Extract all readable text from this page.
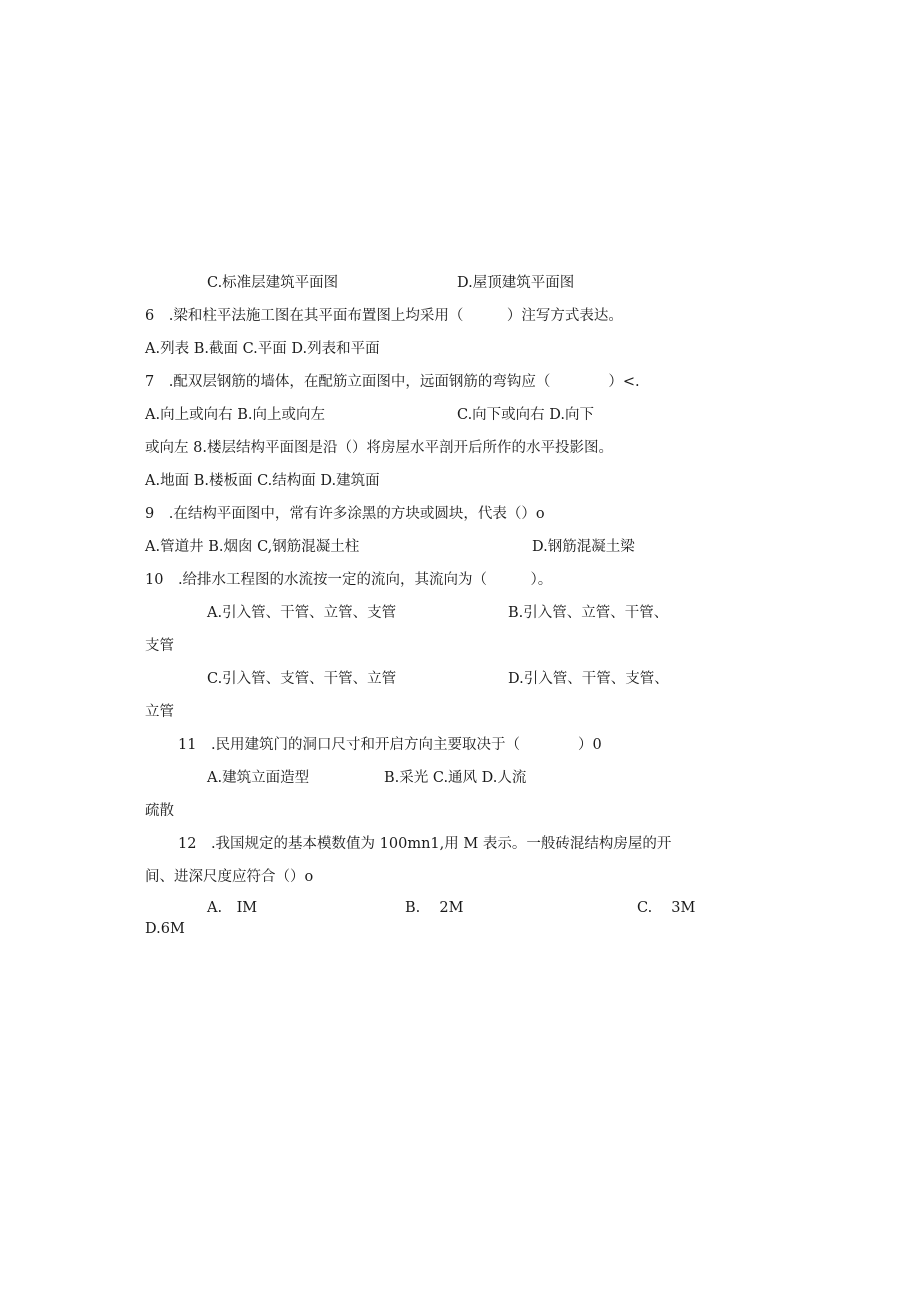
C.标准层建筑平面图	D.屋顶建筑平面图
6　.梁和柱平法施工图在其平面布置图上均采用（　　　）注写方式表达。
A.列表 B.截面 C.平面 D.列表和平面
7　.配双层钢筋的墙体，在配筋立面图中，远面钢筋的弯钩应（　　　　）<.
A.向上或向右 B.向上或向左	C.向下或向右 D.向下
或向左 8.楼层结构平面图是沿（）将房屋水平剖开后所作的水平投影图。
A.地面 B.楼板面 C.结构面 D.建筑面
9　.在结构平面图中，常有许多涂黑的方块或圆块，代表（）o
A.管道井 B.烟囱 C,钢筋混凝土柱	D.钢筋混凝土梁
10　.给排水工程图的水流按一定的流向，其流向为（　　　）。
A.引入管、干管、立管、支管	B.引入管、立管、干管、
支管
C.引入管、支管、干管、立管	D.引入管、干管、支管、
立管
11　.民用建筑门的洞口尺寸和开启方向主要取决于（　　　　）0
A.建筑立面造型	B.采光 C.通风 D.人流
疏散
12　.我国规定的基本模数值为 100mn1,用 M 表示。一般砖混结构房屋的开
间、进深尺度应符合（）o
A.　IM	B.　 2M	C.　 3M
D.6M
